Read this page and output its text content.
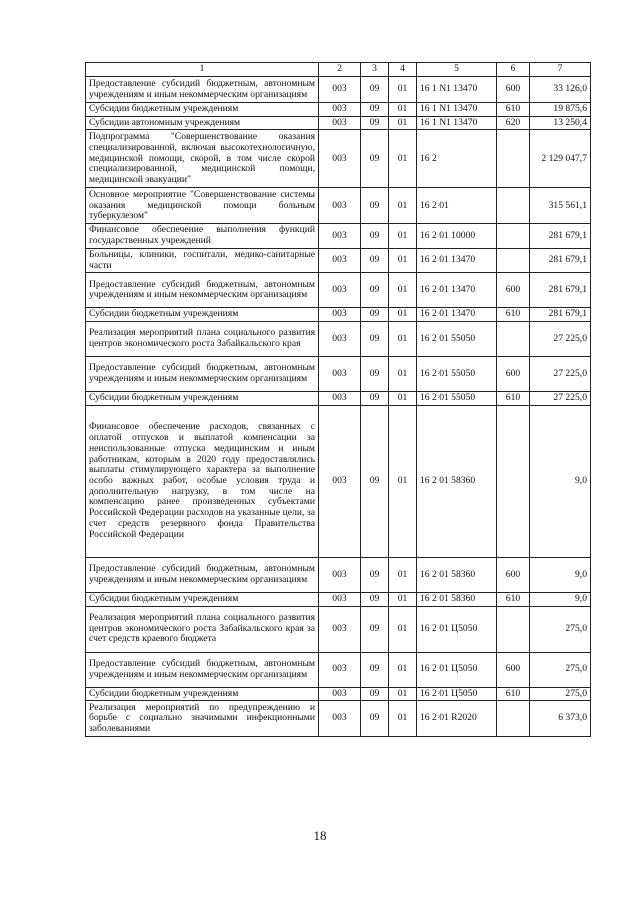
1	2	3	4	5	6	7
Предоставление субсидий бюджетным, автономным учреждениям и иным некоммерческим организациям	003	09	01	16 1 N1 13470	600	33 126,0
Субсидии бюджетным учреждениям	003	09	01	16 1 N1 13470	610	19 875,6
Субсидии автономным учреждениям	003	09	01	16 1 N1 13470	620	13 250,4
Подпрограмма "Совершенствование оказания специализированной, включая высокотехнологичную, медицинской помощи, скорой, в том числе скорой специализированной, медицинской помощи, медицинской эвакуации"	003	09	01	16 2		2 129 047,7
Основное мероприятие "Совершенствование системы оказания медицинской помощи больным туберкулезом"	003	09	01	16 2 01		315 561,1
Финансовое обеспечение выполнения функций государственных учреждений	003	09	01	16 2 01 10000		281 679,1
Больницы, клиники, госпитали, медико-санитарные части	003	09	01	16 2 01 13470		281 679,1
Предоставление субсидий бюджетным, автономным учреждениям и иным некоммерческим организациям	003	09	01	16 2 01 13470	600	281 679,1
Субсидии бюджетным учреждениям	003	09	01	16 2 01 13470	610	281 679,1
Реализация мероприятий плана социального развития центров экономического роста Забайкальского края	003	09	01	16 2 01 55050		27 225,0
Предоставление субсидий бюджетным, автономным учреждениям и иным некоммерческим организациям	003	09	01	16 2 01 55050	600	27 225,0
Субсидии бюджетным учреждениям	003	09	01	16 2 01 55050	610	27 225,0
Финансовое обеспечение расходов, связанных с оплатой отпусков и выплатой компенсации за неиспользованные отпуска медицинским и иным работникам, которым в 2020 году предоставлялись выплаты стимулирующего характера за выполнение особо важных работ, особые условия труда и дополнительную нагрузку, в том числе на компенсацию ранее произведенных субъектами Российской Федерации расходов на указанные цели, за счет средств резервного фонда Правительства Российской Федерации	003	09	01	16 2 01 58360		9,0
Предоставление субсидий бюджетным, автономным учреждениям и иным некоммерческим организациям	003	09	01	16 2 01 58360	600	9,0
Субсидии бюджетным учреждениям	003	09	01	16 2 01 58360	610	9,0
Реализация мероприятий плана социального развития центров экономического роста Забайкальского края за счет средств краевого бюджета	003	09	01	16 2 01 Ц5050		275,0
Предоставление субсидий бюджетным, автономным учреждениям и иным некоммерческим организациям	003	09	01	16 2 01 Ц5050	600	275,0
Субсидии бюджетным учреждениям	003	09	01	16 2 01 Ц5050	610	275,0
Реализация мероприятий по предупреждению и борьбе с социально значимыми инфекционными заболеваниями	003	09	01	16 2 01 R2020		6 373,0
18
